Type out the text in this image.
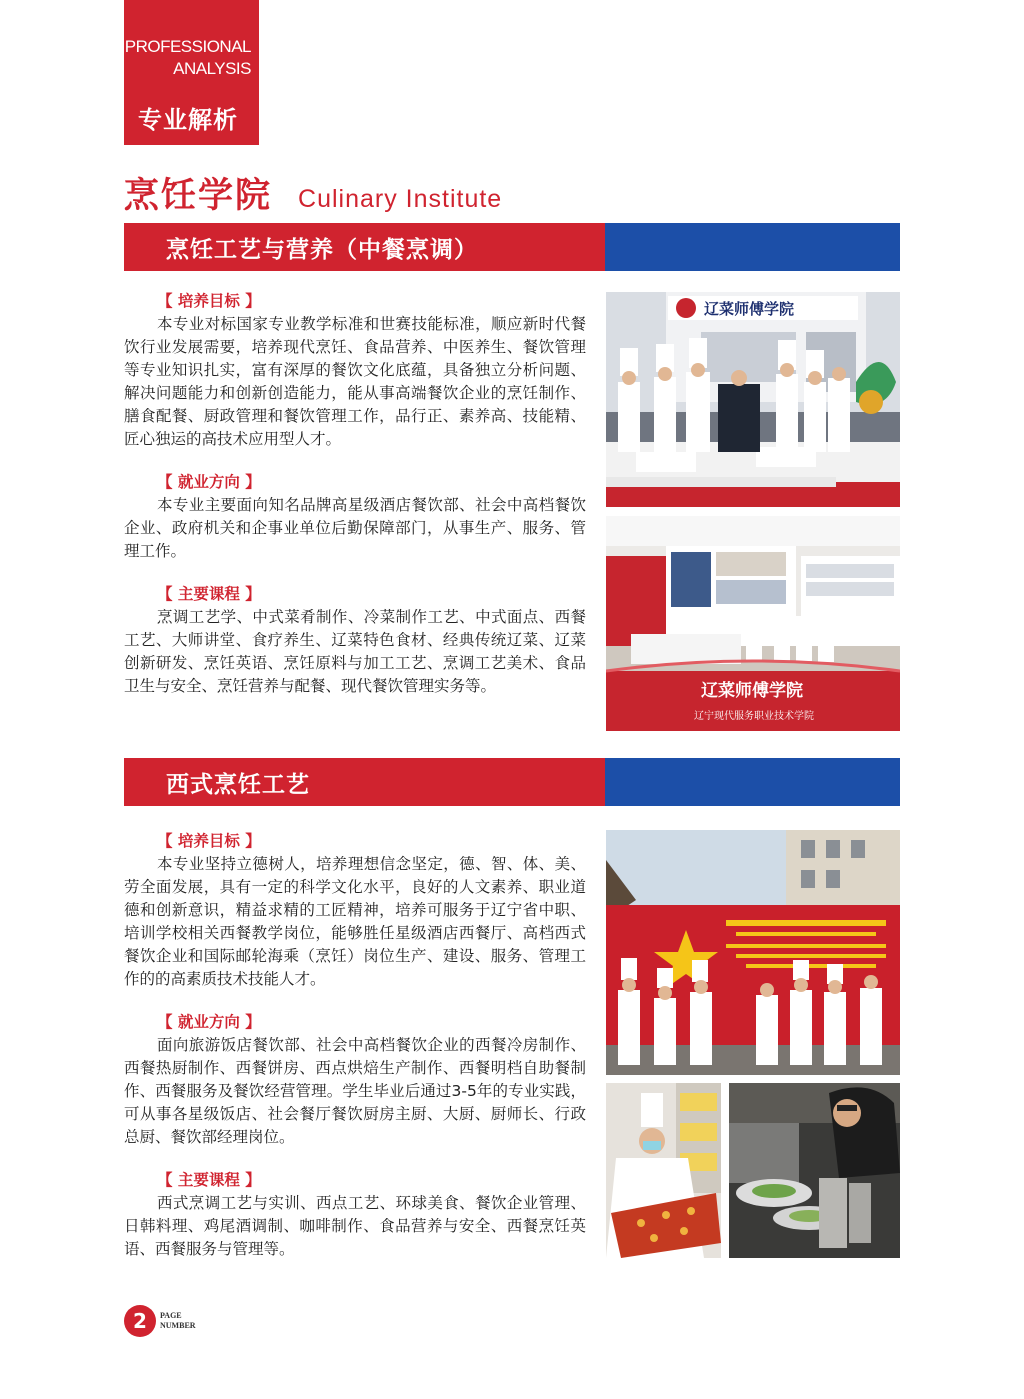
PROFESSIONAL
ANALYSIS
专业解析
烹饪学院 Culinary Institute
烹饪工艺与营养（中餐烹调）
【 培养目标 】
本专业对标国家专业教学标准和世赛技能标准，顺应新时代餐饮行业发展需要，培养现代烹饪、食品营养、中医养生、餐饮管理等专业知识扎实，富有深厚的餐饮文化底蕴，具备独立分析问题、解决问题能力和创新创造能力，能从事高端餐饮企业的烹饪制作、膳食配餐、厨政管理和餐饮管理工作，品行正、素养高、技能精、匠心独运的高技术应用型人才。
【 就业方向 】
本专业主要面向知名品牌高星级酒店餐饮部、社会中高档餐饮企业、政府机关和企事业单位后勤保障部门，从事生产、服务、管理工作。
【 主要课程 】
烹调工艺学、中式菜肴制作、冷菜制作工艺、中式面点、西餐工艺、大师讲堂、食疗养生、辽菜特色食材、经典传统辽菜、辽菜创新研发、烹饪英语、烹饪原料与加工工艺、烹调工艺美术、食品卫生与安全、烹饪营养与配餐、现代餐饮管理实务等。
辽菜师傅学院
辽菜师傅学院
辽宁现代服务职业技术学院
西式烹饪工艺
【 培养目标 】
本专业坚持立德树人，培养理想信念坚定，德、智、体、美、劳全面发展，具有一定的科学文化水平，良好的人文素养、职业道德和创新意识，精益求精的工匠精神，培养可服务于辽宁省中职、培训学校相关西餐教学岗位，能够胜任星级酒店西餐厅、高档西式餐饮企业和国际邮轮海乘（烹饪）岗位生产、建设、服务、管理工作的的高素质技术技能人才。
【 就业方向 】
面向旅游饭店餐饮部、社会中高档餐饮企业的西餐冷房制作、西餐热厨制作、西餐饼房、西点烘焙生产制作、西餐明档自助餐制作、西餐服务及餐饮经营管理。学生毕业后通过3-5年的专业实践，可从事各星级饭店、社会餐厅餐饮厨房主厨、大厨、厨师长、行政总厨、餐饮部经理岗位。
【 主要课程 】
西式烹调工艺与实训、西点工艺、环球美食、餐饮企业管理、日韩料理、鸡尾酒调制、咖啡制作、食品营养与安全、西餐烹饪英语、西餐服务与管理等。
2	PAGE
NUMBER
